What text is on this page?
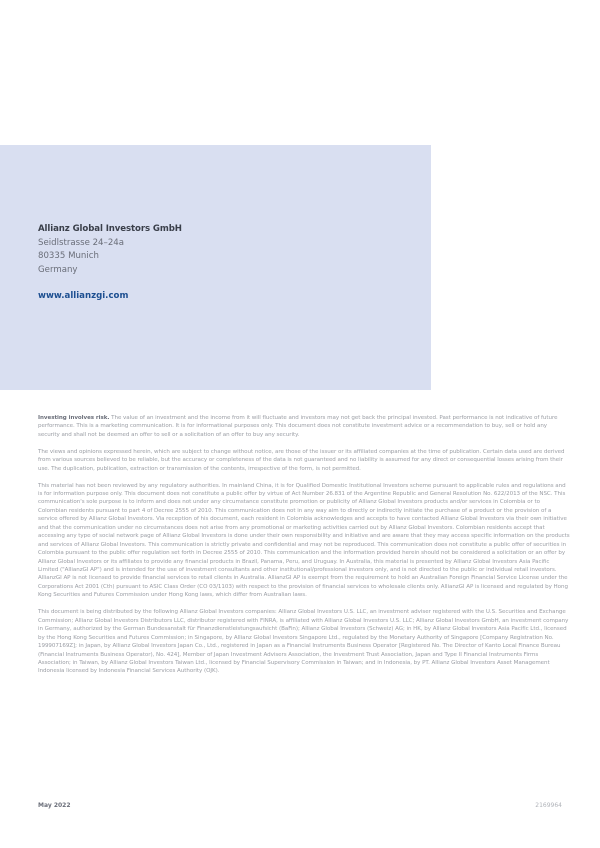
Allianz Global Investors GmbH
Seidlstrasse 24–24a
80335 Munich
Germany
www.allianzgi.com

Investing involves risk. The value of an investment and the income from it will fluctuate and investors may not get back the principal invested. Past performance is not indicative of future performance. This is a marketing communication. It is for informational purposes only. This document does not constitute investment advice or a recommendation to buy, sell or hold any security and shall not be deemed an offer to sell or a solicitation of an offer to buy any security.

The views and opinions expressed herein, which are subject to change without notice, are those of the issuer or its affiliated companies at the time of publication. Certain data used are derived from various sources believed to be reliable, but the accuracy or completeness of the data is not guaranteed and no liability is assumed for any direct or consequential losses arising from their use. The duplication, publication, extraction or transmission of the contents, irrespective of the form, is not permitted.

This material has not been reviewed by any regulatory authorities. In mainland China, it is for Qualified Domestic Institutional Investors scheme pursuant to applicable rules and regulations and is for information purpose only. This document does not constitute a public offer by virtue of Act Number 26.831 of the Argentine Republic and General Resolution No. 622/2013 of the NSC. This communication's sole purpose is to inform and does not under any circumstance constitute promotion or publicity of Allianz Global Investors products and/or services in Colombia or to Colombian residents pursuant to part 4 of Decree 2555 of 2010. This communication does not in any way aim to directly or indirectly initiate the purchase of a product or the provision of a service offered by Allianz Global Investors. Via reception of his document, each resident in Colombia acknowledges and accepts to have contacted Allianz Global Investors via their own initiative and that the communication under no circumstances does not arise from any promotional or marketing activities carried out by Allianz Global Investors. Colombian residents accept that accessing any type of social network page of Allianz Global Investors is done under their own responsibility and initiative and are aware that they may access specific information on the products and services of Allianz Global Investors. This communication is strictly private and confidential and may not be reproduced. This communication does not constitute a public offer of securities in Colombia pursuant to the public offer regulation set forth in Decree 2555 of 2010. This communication and the information provided herein should not be considered a solicitation or an offer by Allianz Global Investors or its affiliates to provide any financial products in Brazil, Panama, Peru, and Uruguay. In Australia, this material is presented by Allianz Global Investors Asia Pacific Limited ("AllianzGI AP") and is intended for the use of investment consultants and other institutional/professional investors only, and is not directed to the public or individual retail investors. AllianzGI AP is not licensed to provide financial services to retail clients in Australia. AllianzGI AP is exempt from the requirement to hold an Australian Foreign Financial Service License under the Corporations Act 2001 (Cth) pursuant to ASIC Class Order (CO 03/1103) with respect to the provision of financial services to wholesale clients only. AllianzGI AP is licensed and regulated by Hong Kong Securities and Futures Commission under Hong Kong laws, which differ from Australian laws.

This document is being distributed by the following Allianz Global Investors companies: Allianz Global Investors U.S. LLC, an investment adviser registered with the U.S. Securities and Exchange Commission; Allianz Global Investors Distributors LLC, distributor registered with FINRA, is affiliated with Allianz Global Investors U.S. LLC; Allianz Global Investors GmbH, an investment company in Germany, authorized by the German Bundesanstalt für Finanzdienstleistungsaufsicht (BaFin); Allianz Global Investors (Schweiz) AG; in HK, by Allianz Global Investors Asia Pacific Ltd., licensed by the Hong Kong Securities and Futures Commission; in Singapore, by Allianz Global Investors Singapore Ltd., regulated by the Monetary Authority of Singapore [Company Registration No. 199907169Z]; in Japan, by Allianz Global Investors Japan Co., Ltd., registered in Japan as a Financial Instruments Business Operator [Registered No. The Director of Kanto Local Finance Bureau (Financial Instruments Business Operator), No. 424], Member of Japan Investment Advisers Association, the Investment Trust Association, Japan and Type II Financial Instruments Firms Association; in Taiwan, by Allianz Global Investors Taiwan Ltd., licensed by Financial Supervisory Commission in Taiwan; and in Indonesia, by PT. Allianz Global Investors Asset Management Indonesia licensed by Indonesia Financial Services Authority (OJK).

May 2022	2169964
